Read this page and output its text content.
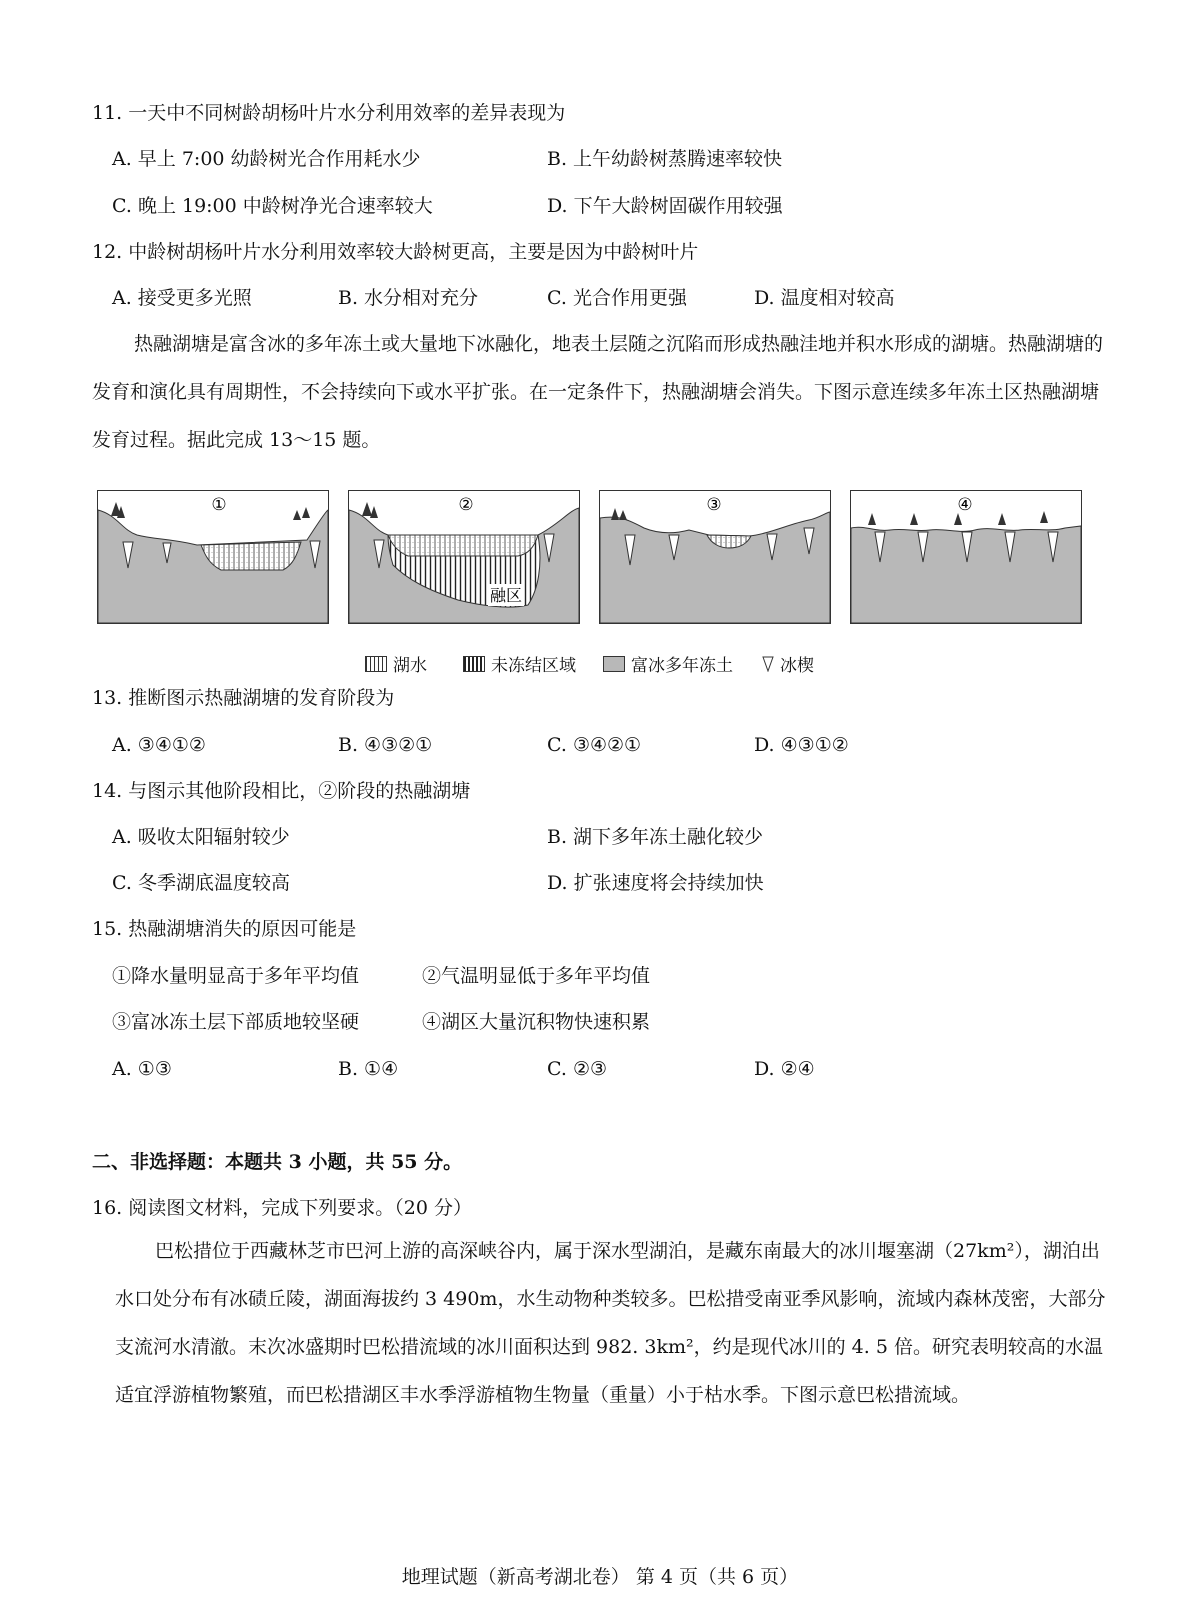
11. 一天中不同树龄胡杨叶片水分利用效率的差异表现为
A. 早上 7:00 幼龄树光合作用耗水少	B. 上午幼龄树蒸腾速率较快
C. 晚上 19:00 中龄树净光合速率较大	D. 下午大龄树固碳作用较强
12. 中龄树胡杨叶片水分利用效率较大龄树更高，主要是因为中龄树叶片
A. 接受更多光照	B. 水分相对充分	C. 光合作用更强	D. 温度相对较高
热融湖塘是富含冰的多年冻土或大量地下冰融化，地表土层随之沉陷而形成热融洼地并积水形成的湖塘。热融湖塘的发育和演化具有周期性，不会持续向下或水平扩张。在一定条件下，热融湖塘会消失。下图示意连续多年冻土区热融湖塘发育过程。据此完成 13～15 题。
①
融区
②	③	④
湖水	未冻结区域	富冰多年冻土	冰楔
13. 推断图示热融湖塘的发育阶段为
A. ③④①②	B. ④③②①	C. ③④②①	D. ④③①②
14. 与图示其他阶段相比，②阶段的热融湖塘
A. 吸收太阳辐射较少	B. 湖下多年冻土融化较少
C. 冬季湖底温度较高	D. 扩张速度将会持续加快
15. 热融湖塘消失的原因可能是
①降水量明显高于多年平均值	②气温明显低于多年平均值
③富冰冻土层下部质地较坚硬	④湖区大量沉积物快速积累
A. ①③	B. ①④	C. ②③	D. ②④
二、非选择题：本题共 3 小题，共 55 分。
16. 阅读图文材料，完成下列要求。（20 分）
巴松措位于西藏林芝市巴河上游的高深峡谷内，属于深水型湖泊，是藏东南最大的冰川堰塞湖（27km²），湖泊出水口处分布有冰碛丘陵，湖面海拔约 3 490m，水生动物种类较多。巴松措受南亚季风影响，流域内森林茂密，大部分支流河水清澈。末次冰盛期时巴松措流域的冰川面积达到 982. 3km²，约是现代冰川的 4. 5 倍。研究表明较高的水温适宜浮游植物繁殖，而巴松措湖区丰水季浮游植物生物量（重量）小于枯水季。下图示意巴松措流域。
地理试题（新高考湖北卷） 第 4 页（共 6 页）
